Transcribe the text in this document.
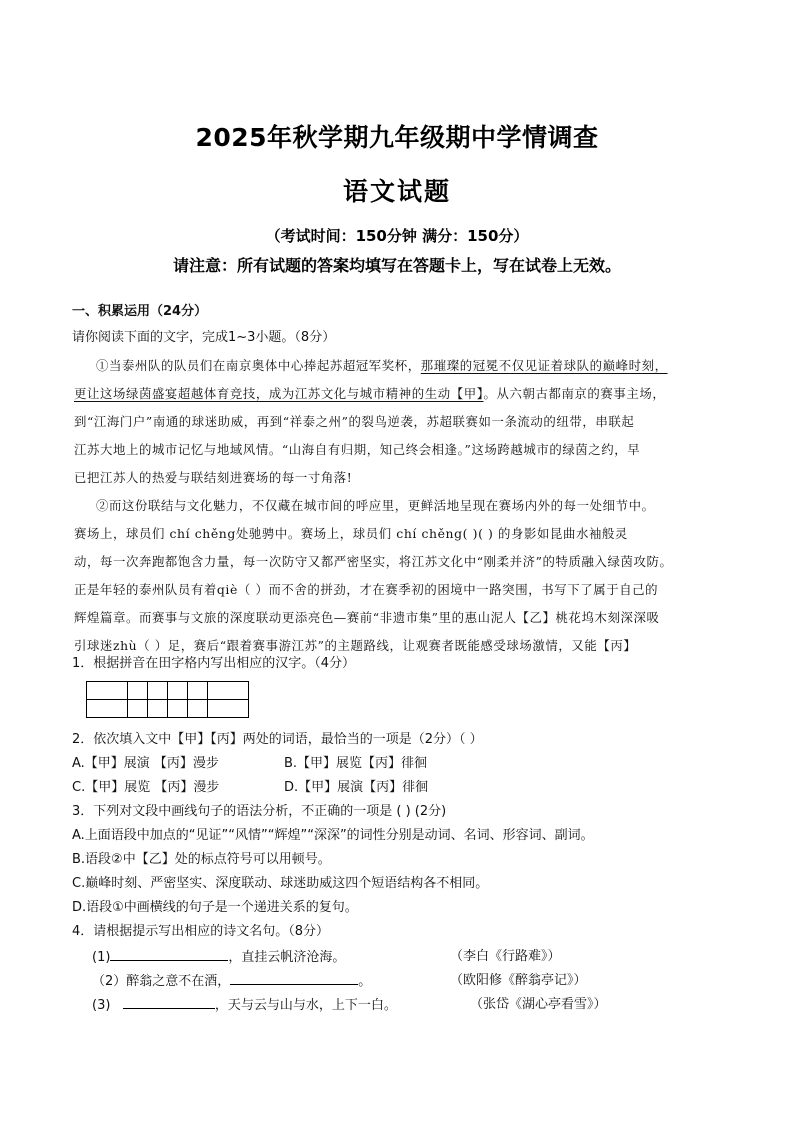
2025年秋学期九年级期中学情调查
语文试题
（考试时间：150分钟 满分：150分）
请注意：所有试题的答案均填写在答题卡上，写在试卷上无效。
一、积累运用（24分）
请你阅读下面的文字，完成1~3小题。（8分）
①当泰州队的队员们在南京奥体中心捧起苏超冠军奖杯，那璀璨的冠冕不仅见证着球队的巅峰时刻，
更让这场绿茵盛宴超越体育竞技，成为江苏文化与城市精神的生动【甲】。从六朝古都南京的赛事主场，
到“江海门户”南通的球迷助威，再到“祥泰之州”的裂鸟逆袭，苏超联赛如一条流动的纽带，串联起
江苏大地上的城市记忆与地域风情。“山海自有归期，知己终会相逢。”这场跨越城市的绿茵之约，早
已把江苏人的热爱与联结刻进赛场的每一寸角落!
②而这份联结与文化魅力，不仅藏在城市间的呼应里，更鲜活地呈现在赛场内外的每一处细节中。
赛场上，球员们 chí chěng处驰骋中。赛场上，球员们 chí chěng( )( ) 的身影如昆曲水袖般灵
动，每一次奔跑都饱含力量，每一次防守又都严密坚实，将江苏文化中“刚柔并济”的特质融入绿茵攻防。
正是年轻的泰州队员有着qiè（ ）而不舍的拼劲，才在赛季初的困境中一路突围，书写下了属于自己的
辉煌篇章。而赛事与文旅的深度联动更添亮色—赛前“非遗市集”里的惠山泥人【乙】桃花坞木刻深深吸
引球迷zhù（ ）足，赛后“跟着赛事游江苏”的主题路线，让观赛者既能感受球场激情，又能【丙】
1．根据拼音在田字格内写出相应的汉字。（4分）

2．依次填入文中【甲】【丙】两处的词语，最恰当的一项是（2分）（ ）
A.【甲】展演 【丙】漫步	B.【甲】展览【丙】徘徊
C.【甲】展览 【丙】漫步	D.【甲】展演【丙】徘徊
3．下列对文段中画线句子的语法分析，不正确的一项是 ( ) (2分)
A.上面语段中加点的“见证”“风情”“辉煌”“深深”的词性分别是动词、名词、形容词、副词。
B.语段②中【乙】处的标点符号可以用顿号。
C.巅峰时刻、严密坚实、深度联动、球迷助威这四个短语结构各不相同。
D.语段①中画横线的句子是一个递进关系的复句。
4．请根据提示写出相应的诗文名句。（8分）
(1)	，直挂云帆济沧海。	（李白《行路难》）
（2）醉翁之意不在酒，	。	（欧阳修《醉翁亭记》）
(3)	，天与云与山与水，上下一白。	（张岱《湖心亭看雪》）
